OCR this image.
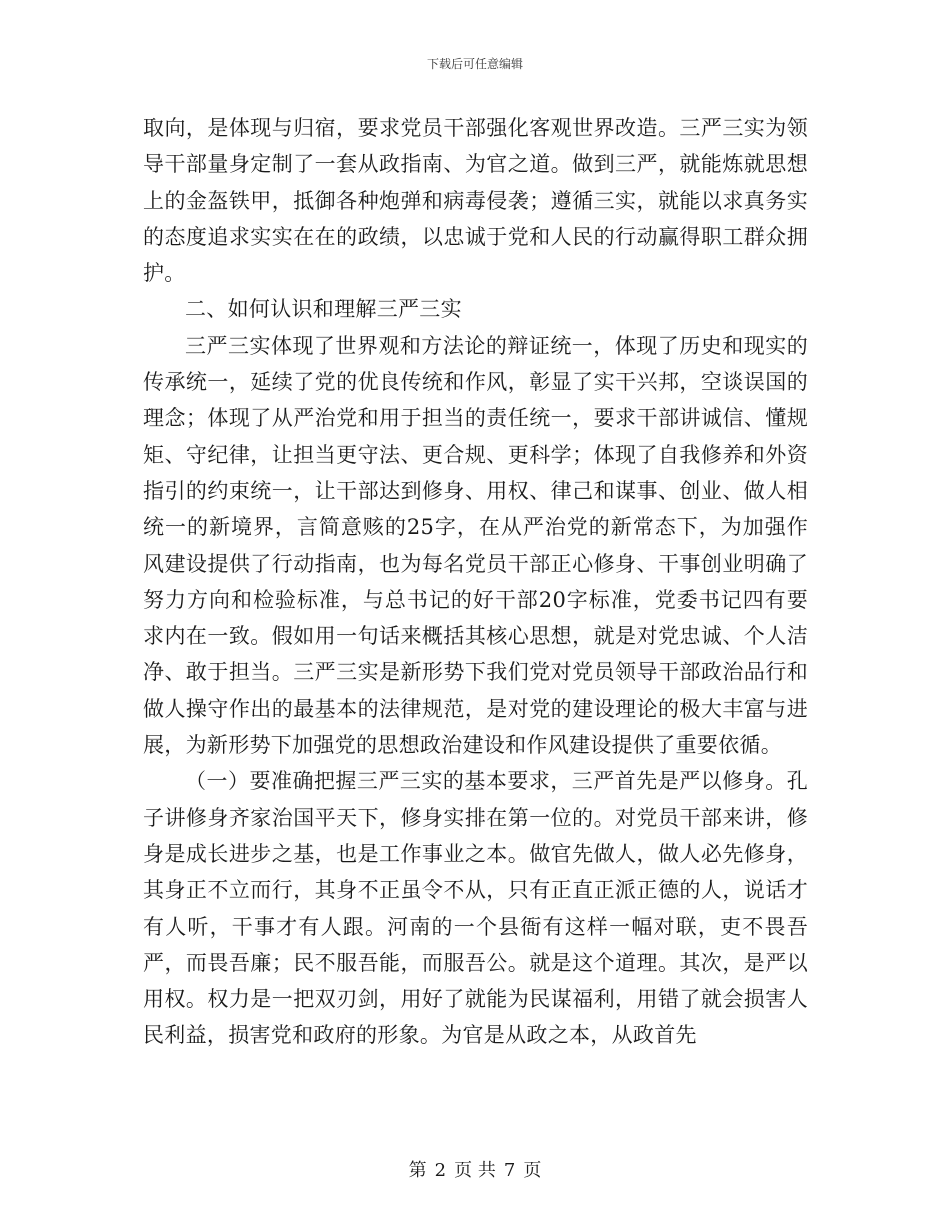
下载后可任意编辑

取向，是体现与归宿，要求党员干部强化客观世界改造。三严三实为领导干部量身定制了一套从政指南、为官之道。做到三严，就能炼就思想上的金盔铁甲，抵御各种炮弹和病毒侵袭；遵循三实，就能以求真务实的态度追求实实在在的政绩，以忠诚于党和人民的行动赢得职工群众拥护。

二、如何认识和理解三严三实

三严三实体现了世界观和方法论的辩证统一，体现了历史和现实的传承统一，延续了党的优良传统和作风，彰显了实干兴邦，空谈误国的理念；体现了从严治党和用于担当的责任统一，要求干部讲诚信、懂规矩、守纪律，让担当更守法、更合规、更科学；体现了自我修养和外资指引的约束统一，让干部达到修身、用权、律己和谋事、创业、做人相统一的新境界，言简意赅的25字，在从严治党的新常态下，为加强作风建设提供了行动指南，也为每名党员干部正心修身、干事创业明确了努力方向和检验标准，与总书记的好干部20字标准，党委书记四有要求内在一致。假如用一句话来概括其核心思想，就是对党忠诚、个人洁净、敢于担当。三严三实是新形势下我们党对党员领导干部政治品行和做人操守作出的最基本的法律规范，是对党的建设理论的极大丰富与进展，为新形势下加强党的思想政治建设和作风建设提供了重要依循。

（一）要准确把握三严三实的基本要求，三严首先是严以修身。孔子讲修身齐家治国平天下，修身实排在第一位的。对党员干部来讲，修身是成长进步之基，也是工作事业之本。做官先做人，做人必先修身，其身正不立而行，其身不正虽令不从，只有正直正派正德的人，说话才有人听，干事才有人跟。河南的一个县衙有这样一幅对联，吏不畏吾严，而畏吾廉；民不服吾能，而服吾公。就是这个道理。其次，是严以用权。权力是一把双刃剑，用好了就能为民谋福利，用错了就会损害人民利益，损害党和政府的形象。为官是从政之本，从政首先

第 2 页 共 7 页
